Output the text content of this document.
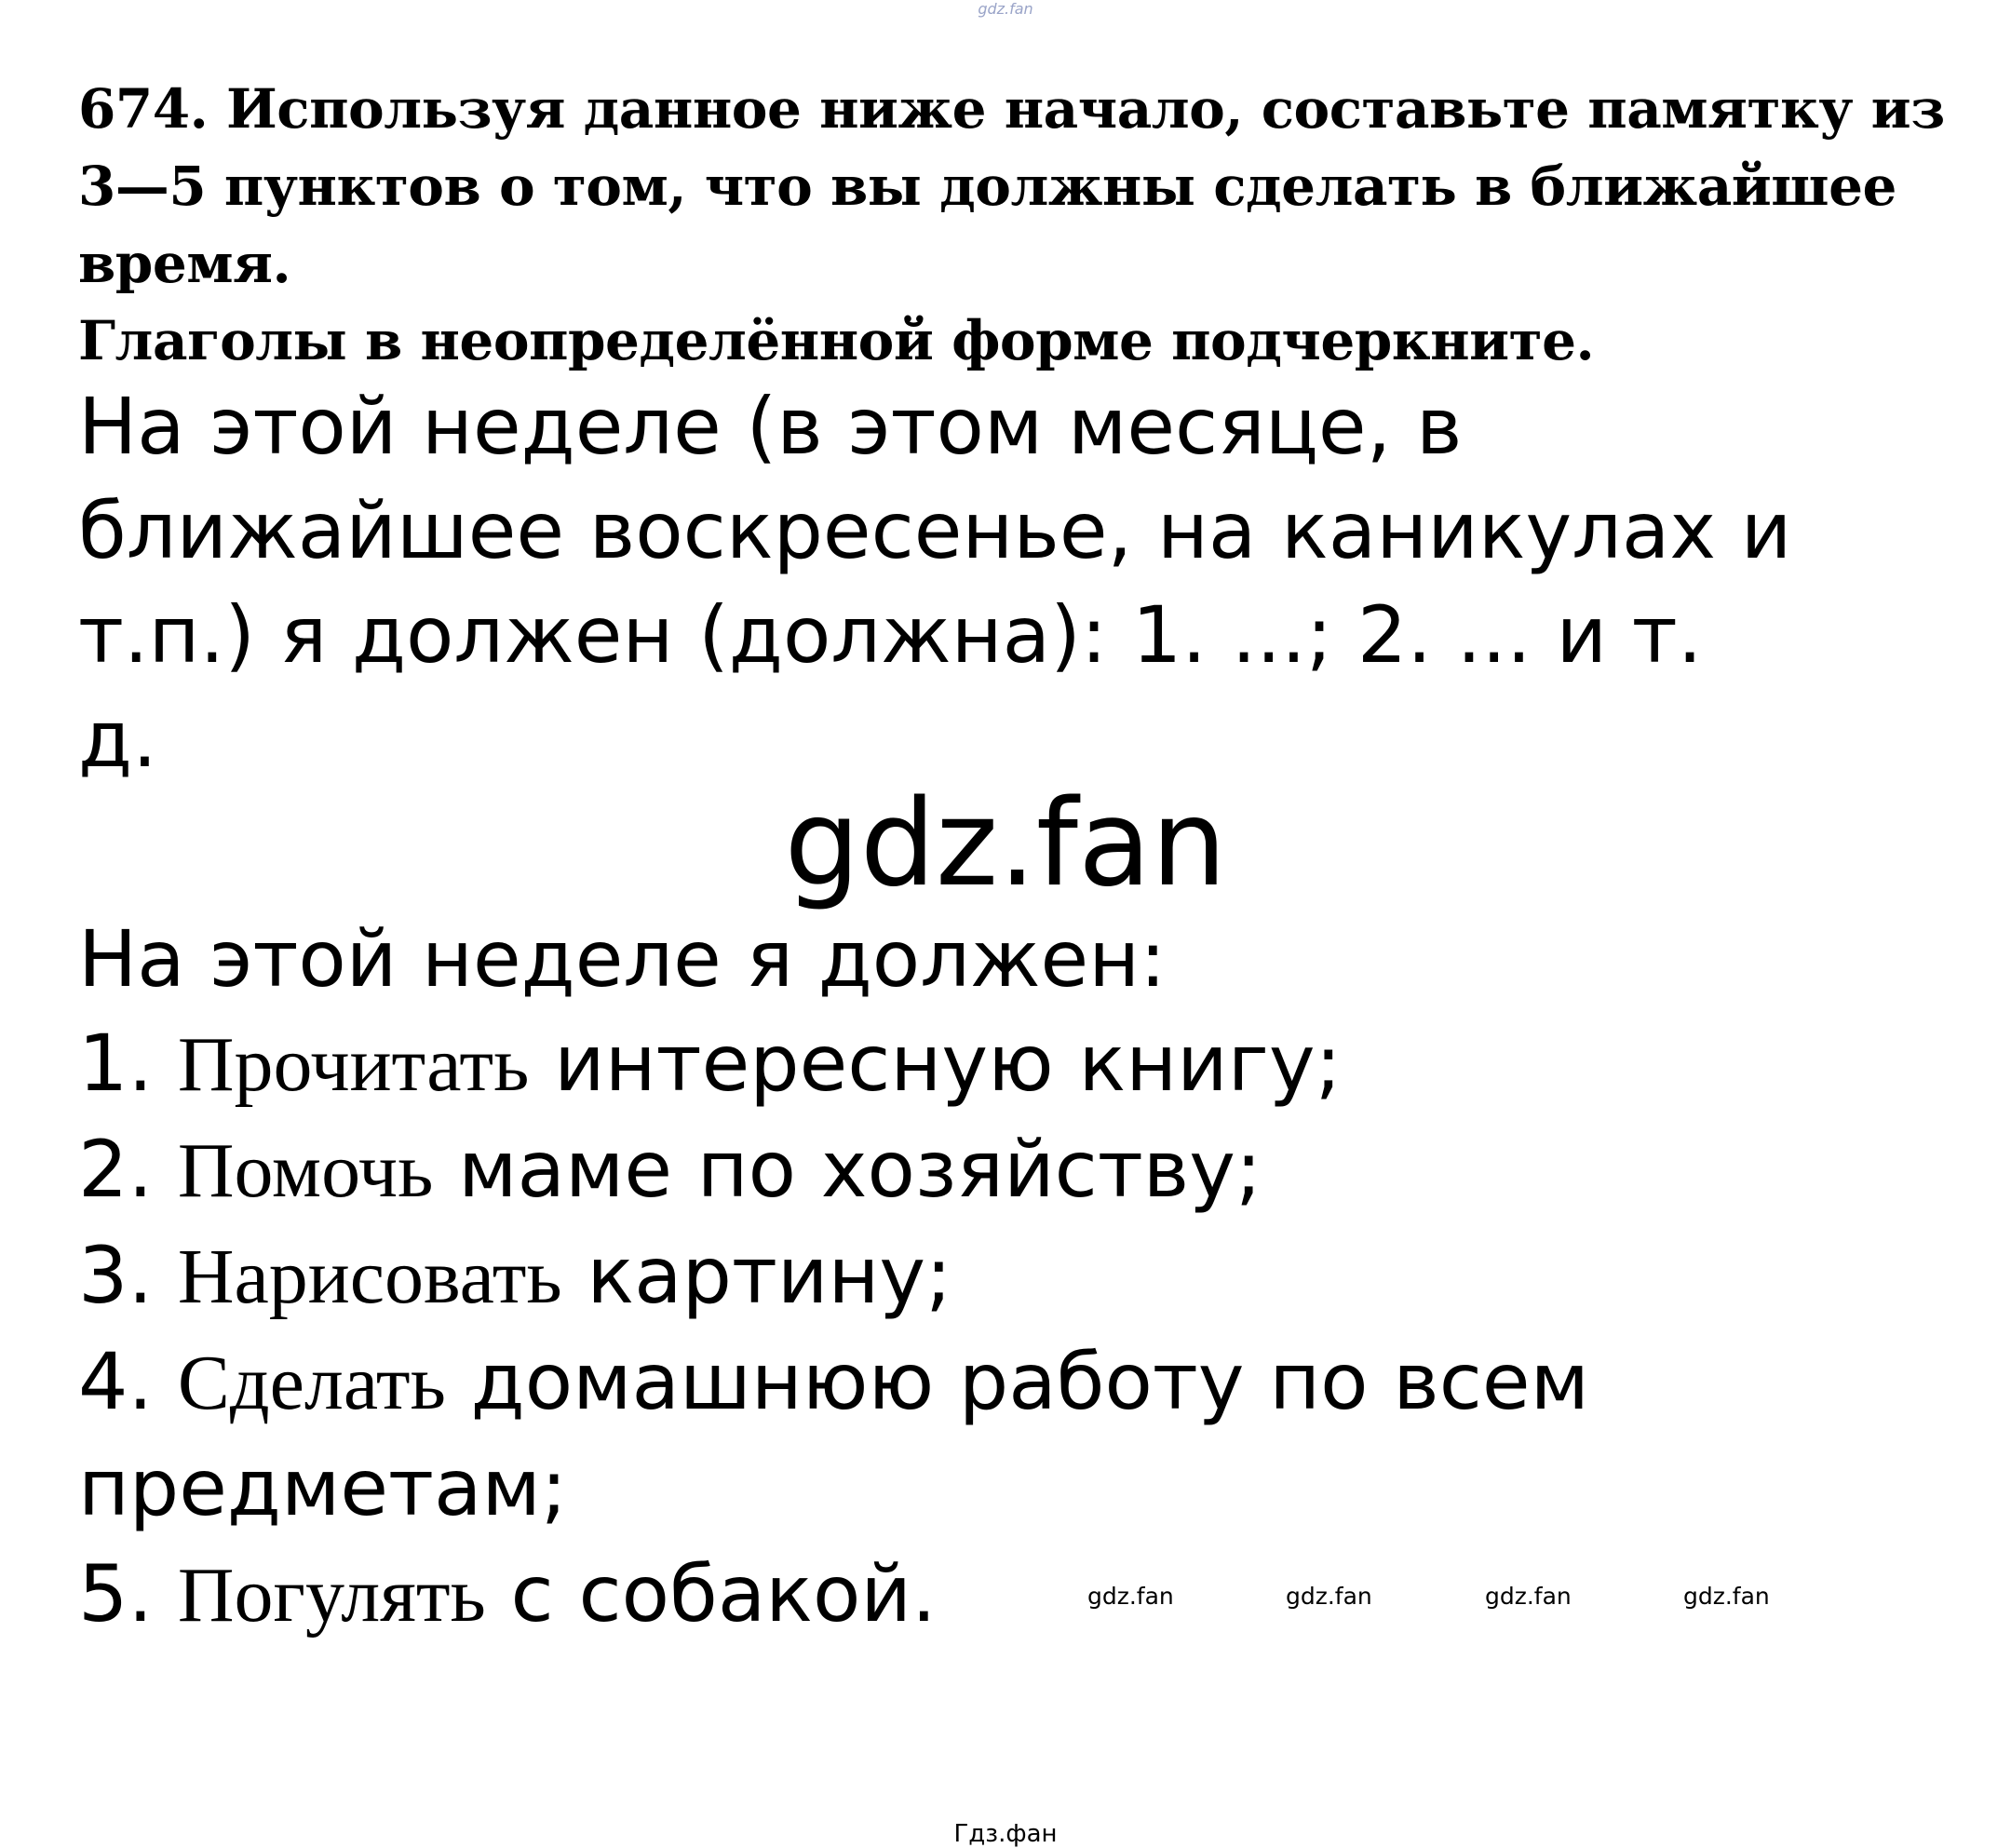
gdz.fan
674. Используя данное ниже начало, составьте памятку из
3—5 пунктов о том, что вы должны сделать в ближайшее
время.
Глаголы в неопределённой форме подчеркните.
На этой неделе (в этом месяце, в
ближайшее воскресенье, на каникулах и
т.п.) я должен (должна): 1. ...; 2. ... и т.
д.
gdz.fan
На этой неделе я должен:
1. Прочитать интересную книгу;
2. Помочь маме по хозяйству;
3. Нарисовать картину;
4. Сделать домашнюю работу по всем
предметам;
5. Погулять с собакой.	gdz.fan	gdz.fan	gdz.fan	gdz.fan
Гдз.фан
